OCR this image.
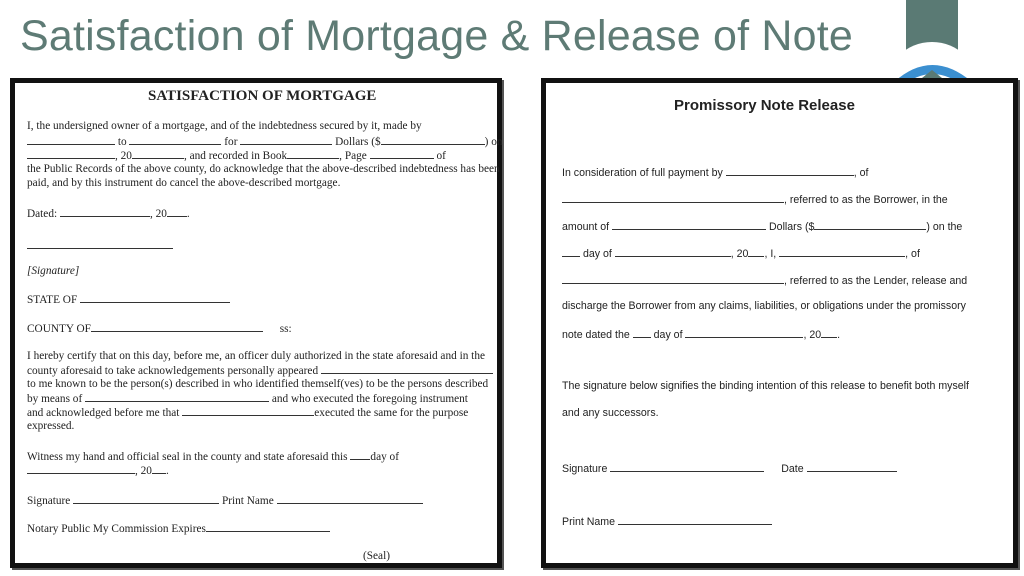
Satisfaction of Mortgage & Release of Note
SATISFACTION OF MORTGAGE
I, the undersigned owner of a mortgage, and of the indebtedness secured by it, made by
to	for	Dollars ($	) on
, 20	, and recorded in Book	, Page	of
the Public Records of the above county, do acknowledge that the above-described indebtedness has been
paid, and by this instrument do cancel the above-described mortgage.
Dated:	, 20 .
[Signature]
STATE OF
COUNTY OF	ss:
I hereby certify that on this day, before me, an officer duly authorized in the state aforesaid and in the
county aforesaid to take acknowledgements personally appeared
to me known to be the person(s) described in who identified themself(ves) to be the persons described
by means of	and who executed the foregoing instrument
and acknowledged before me that	executed the same for the purpose
expressed.
Witness my hand and official seal in the county and state aforesaid this day of
, 20 .
Signature	Print Name
Notary Public My Commission Expires
(Seal)
Promissory Note Release
In consideration of full payment by	, of
, referred to as the Borrower, in the
amount of	Dollars ($	) on the
day of	, 20 , I,	, of
, referred to as the Lender, release and
discharge the Borrower from any claims, liabilities, or obligations under the promissory
note dated the day of	, 20 .
The signature below signifies the binding intention of this release to benefit both myself
and any successors.
Signature	Date
Print Name
